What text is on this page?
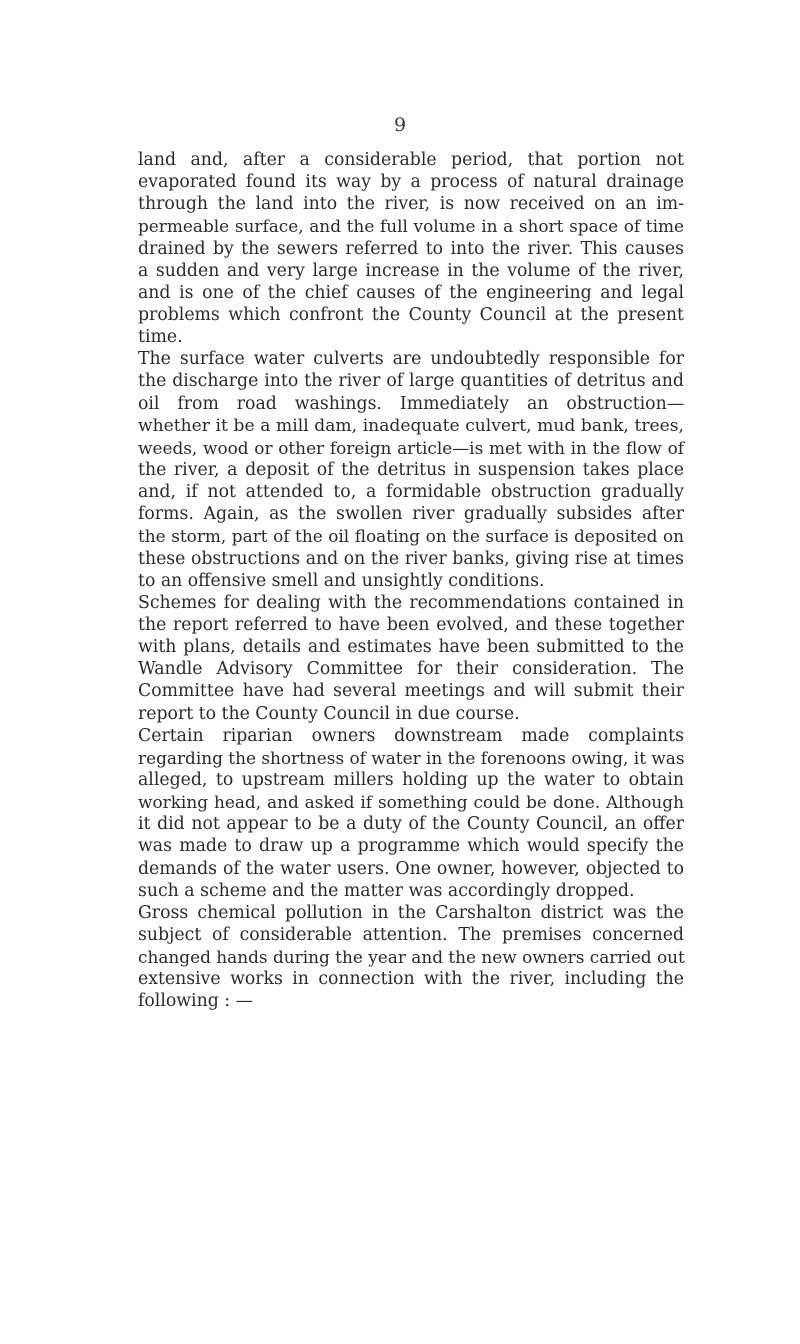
9

land and, after a considerable period, that portion not

evaporated found its way by a process of natural drainage

through the land into the river, is now received on an im-

permeable surface, and the full volume in a short space of time

drained by the sewers referred to into the river. This causes

a sudden and very large increase in the volume of the river,

and is one of the chief causes of the engineering and legal

problems which confront the County Council at the present

time.

The surface water culverts are undoubtedly responsible for

the discharge into the river of large quantities of detritus and

oil from road washings. Immediately an obstruction—

whether it be a mill dam, inadequate culvert, mud bank, trees,

weeds, wood or other foreign article—is met with in the flow of

the river, a deposit of the detritus in suspension takes place

and, if not attended to, a formidable obstruction gradually

forms. Again, as the swollen river gradually subsides after

the storm, part of the oil floating on the surface is deposited on

these obstructions and on the river banks, giving rise at times

to an offensive smell and unsightly conditions.

Schemes for dealing with the recommendations contained in

the report referred to have been evolved, and these together

with plans, details and estimates have been submitted to the

Wandle Advisory Committee for their consideration. The

Committee have had several meetings and will submit their

report to the County Council in due course.

Certain riparian owners downstream made complaints

regarding the shortness of water in the forenoons owing, it was

alleged, to upstream millers holding up the water to obtain

working head, and asked if something could be done. Although

it did not appear to be a duty of the County Council, an offer

was made to draw up a programme which would specify the

demands of the water users. One owner, however, objected to

such a scheme and the matter was accordingly dropped.

Gross chemical pollution in the Carshalton district was the

subject of considerable attention. The premises concerned

changed hands during the year and the new owners carried out

extensive works in connection with the river, including the

following : —
